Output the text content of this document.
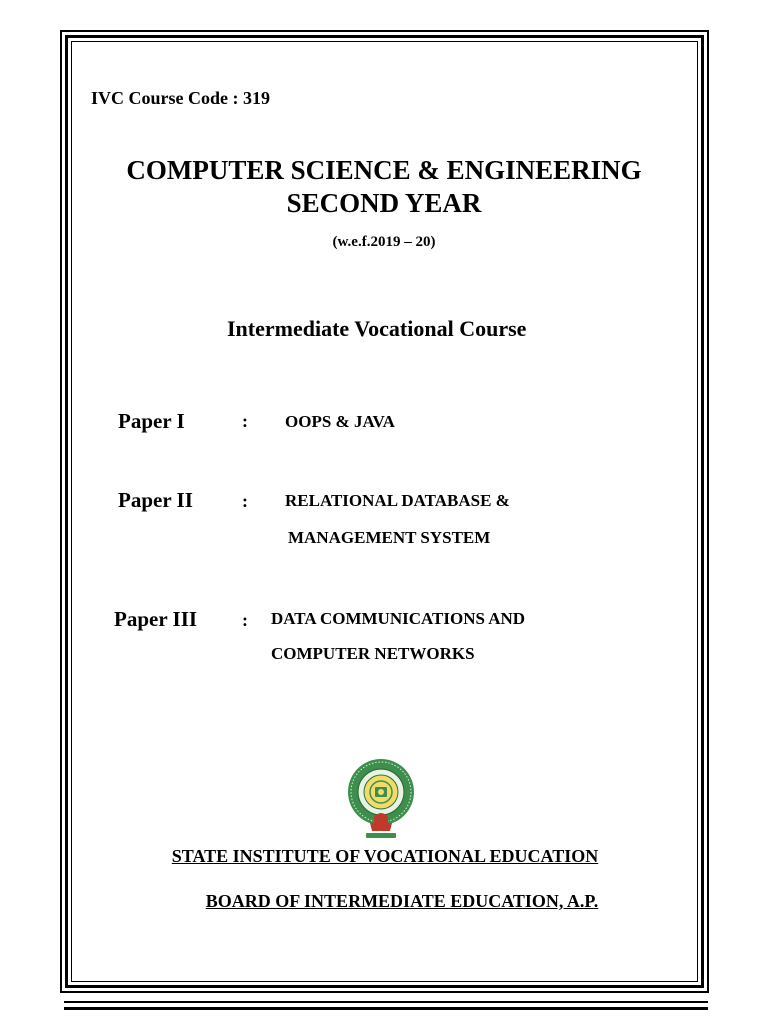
IVC Course Code : 319
COMPUTER SCIENCE & ENGINEERING
SECOND YEAR
(w.e.f.2019 – 20)
Intermediate Vocational Course
Paper I	: OOPS & JAVA
Paper II	: RELATIONAL DATABASE &
MANAGEMENT SYSTEM
Paper III : DATA COMMUNICATIONS AND
COMPUTER NETWORKS
STATE INSTITUTE OF VOCATIONAL EDUCATION
BOARD OF INTERMEDIATE EDUCATION, A.P.
